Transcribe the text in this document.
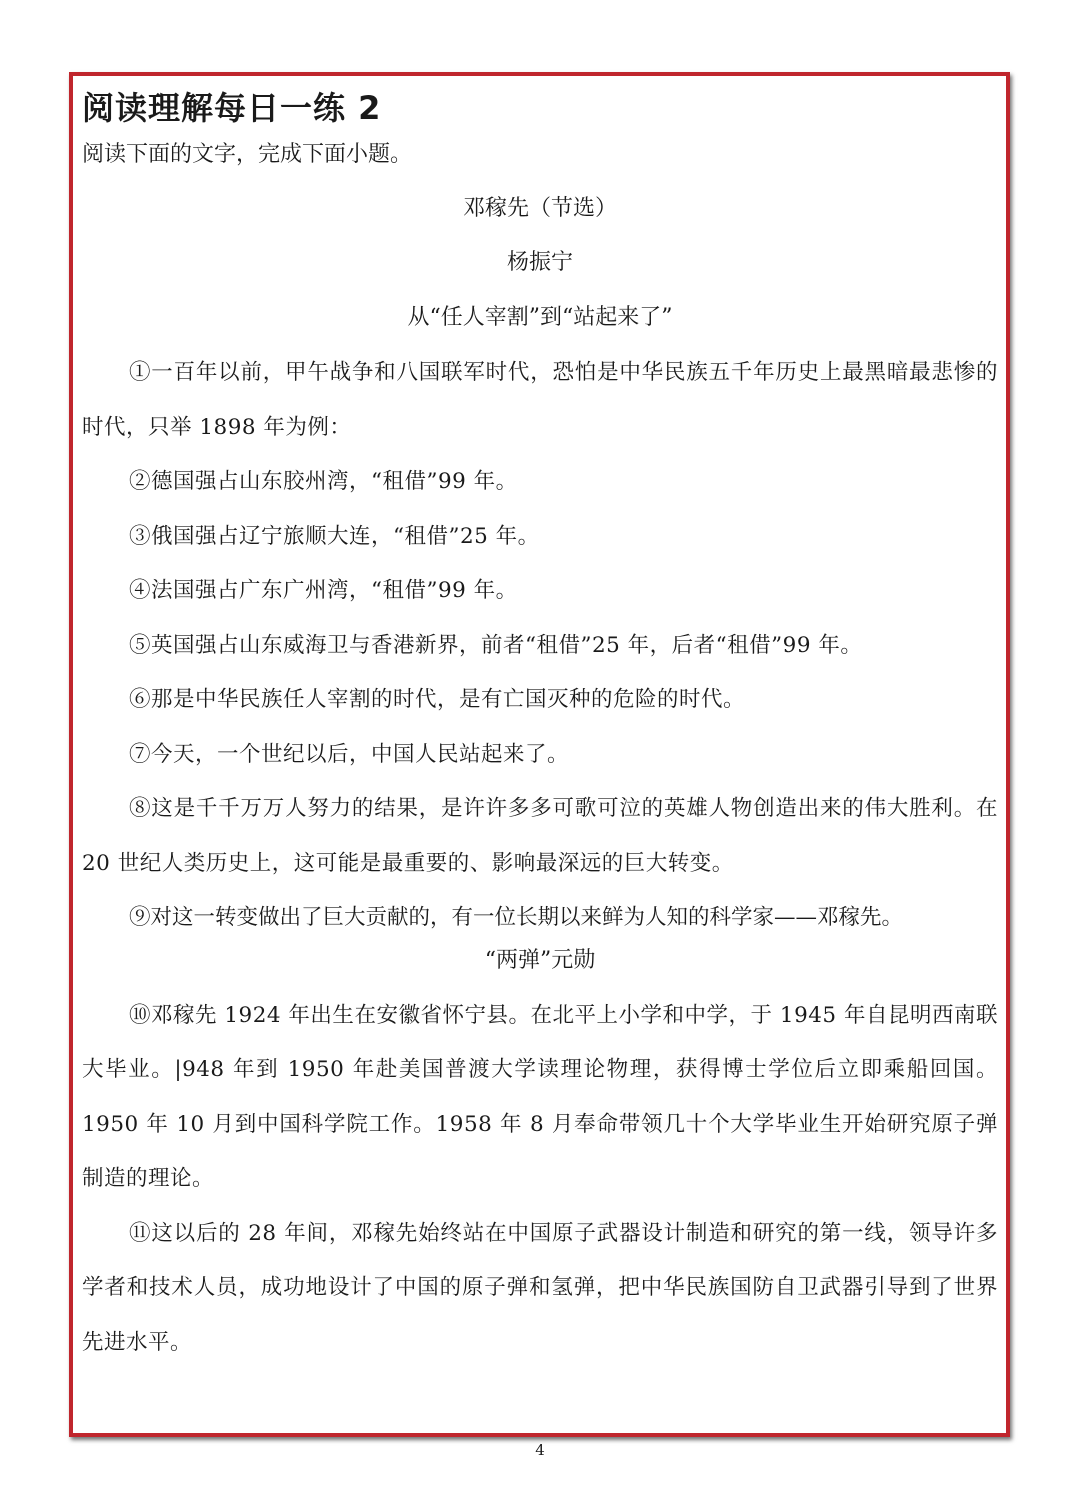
阅读理解每日一练 2
阅读下面的文字，完成下面小题。
邓稼先（节选）
杨振宁
从“任人宰割”到“站起来了”

①一百年以前，甲午战争和八国联军时代，恐怕是中华民族五千年历史上最黑暗最悲惨的时代，只举 1898 年为例：

②德国强占山东胶州湾，“租借”99 年。

③俄国强占辽宁旅顺大连，“租借”25 年。

④法国强占广东广州湾，“租借”99 年。

⑤英国强占山东威海卫与香港新界，前者“租借”25 年，后者“租借”99 年。

⑥那是中华民族任人宰割的时代，是有亡国灭种的危险的时代。

⑦今天，一个世纪以后，中国人民站起来了。

⑧这是千千万万人努力的结果，是许许多多可歌可泣的英雄人物创造出来的伟大胜利。在 20 世纪人类历史上，这可能是最重要的、影响最深远的巨大转变。

⑨对这一转变做出了巨大贡献的，有一位长期以来鲜为人知的科学家——邓稼先。

“两弹”元勋

⑩邓稼先 1924 年出生在安徽省怀宁县。在北平上小学和中学，于 1945 年自昆明西南联大毕业。|948 年到 1950 年赴美国普渡大学读理论物理，获得博士学位后立即乘船回国。1950 年 10 月到中国科学院工作。1958 年 8 月奉命带领几十个大学毕业生开始研究原子弹制造的理论。

⑪这以后的 28 年间，邓稼先始终站在中国原子武器设计制造和研究的第一线，领导许多学者和技术人员，成功地设计了中国的原子弹和氢弹，把中华民族国防自卫武器引导到了世界先进水平。

4
